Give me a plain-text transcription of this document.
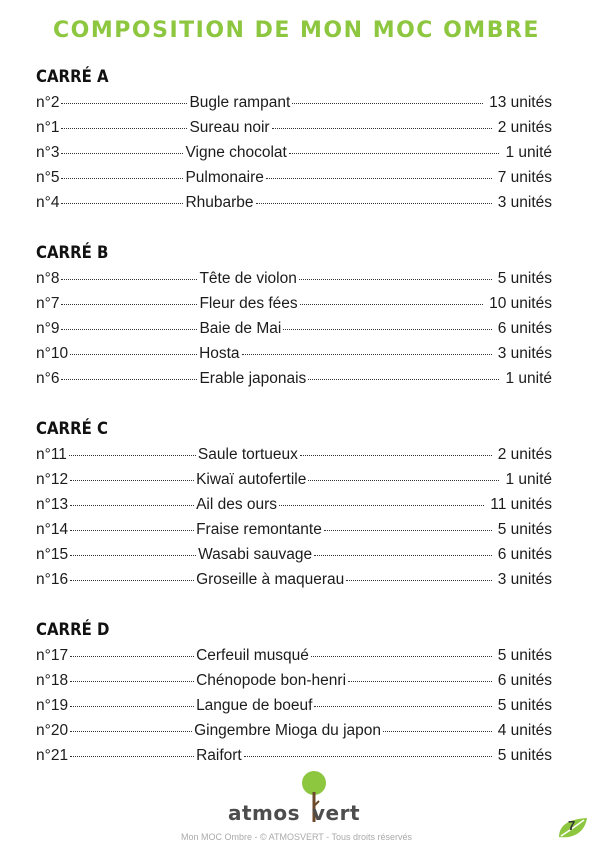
COMPOSITION DE MON MOC OMBRE
CARRÉ A
n°2	Bugle rampant	13 unités
n°1	Sureau noir	2 unités
n°3	Vigne chocolat	1 unité
n°5	Pulmonaire	7 unités
n°4	Rhubarbe	3 unités
CARRÉ B
n°8	Tête de violon	5 unités
n°7	Fleur des fées	10 unités
n°9	Baie de Mai	6 unités
n°10	Hosta	3 unités
n°6	Erable japonais	1 unité
CARRÉ C
n°11	Saule tortueux	2 unités
n°12	Kiwaï autofertile	1 unité
n°13	Ail des ours	11 unités
n°14	Fraise remontante	5 unités
n°15	Wasabi sauvage	6 unités
n°16	Groseille à maquerau	3 unités
CARRÉ D
n°17	Cerfeuil musqué	5 unités
n°18	Chénopode bon-henri	6 unités
n°19	Langue de boeuf	5 unités
n°20	Gingembre Mioga du japon	4 unités
n°21	Raifort	5 unités
atmos vert
Mon MOC Ombre - © ATMOSVERT - Tous droits réservés
7
